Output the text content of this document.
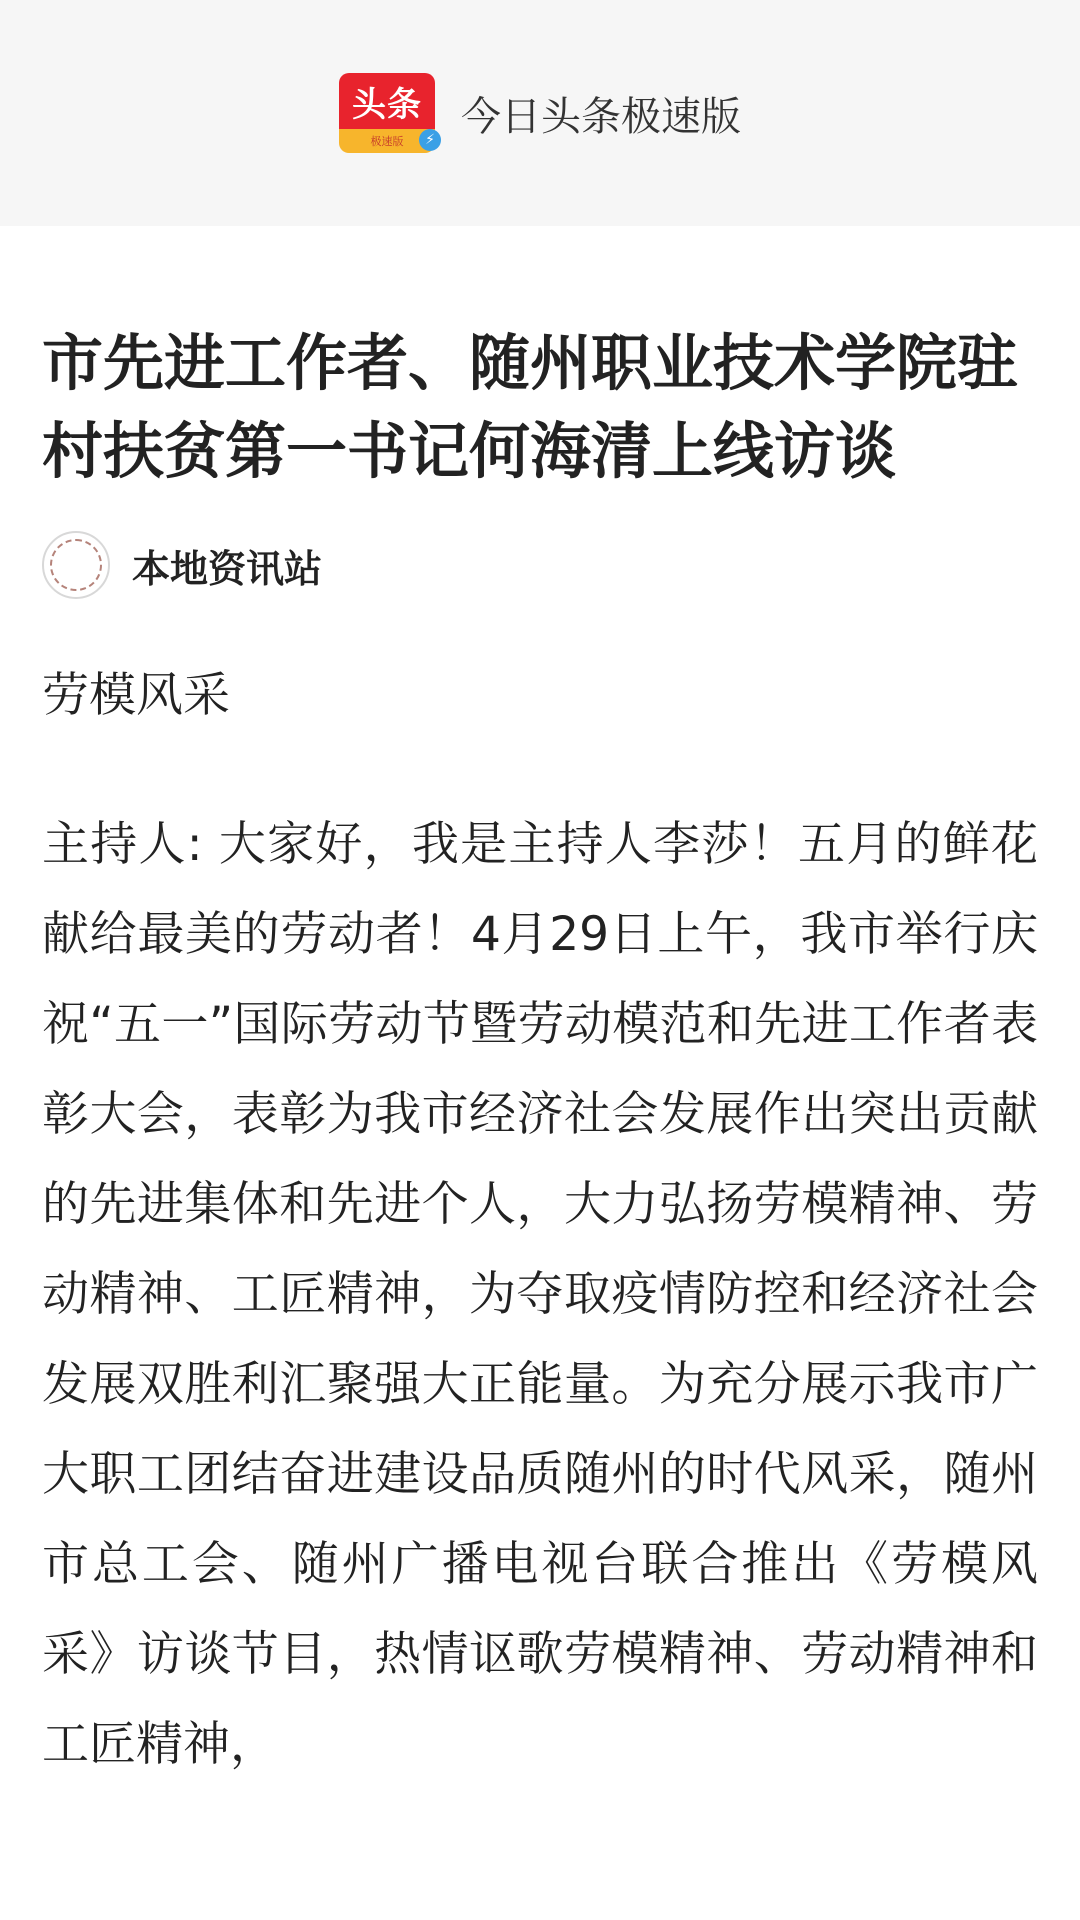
头条
极速版	⚡
今日头条极速版
市先进工作者、随州职业技术学院驻村扶贫第一书记何海清上线访谈
本地资讯站
劳模风采
主持人: 大家好，我是主持人李莎！五月的鲜花献给最美的劳动者！4月29日上午，我市举行庆祝“五一”国际劳动节暨劳动模范和先进工作者表彰大会，表彰为我市经济社会发展作出突出贡献的先进集体和先进个人，大力弘扬劳模精神、劳动精神、工匠精神，为夺取疫情防控和经济社会发展双胜利汇聚强大正能量。为充分展示我市广大职工团结奋进建设品质随州的时代风采，随州市总工会、随州广播电视台联合推出《劳模风采》访谈节目，热情讴歌劳模精神、劳动精神和工匠精神，
